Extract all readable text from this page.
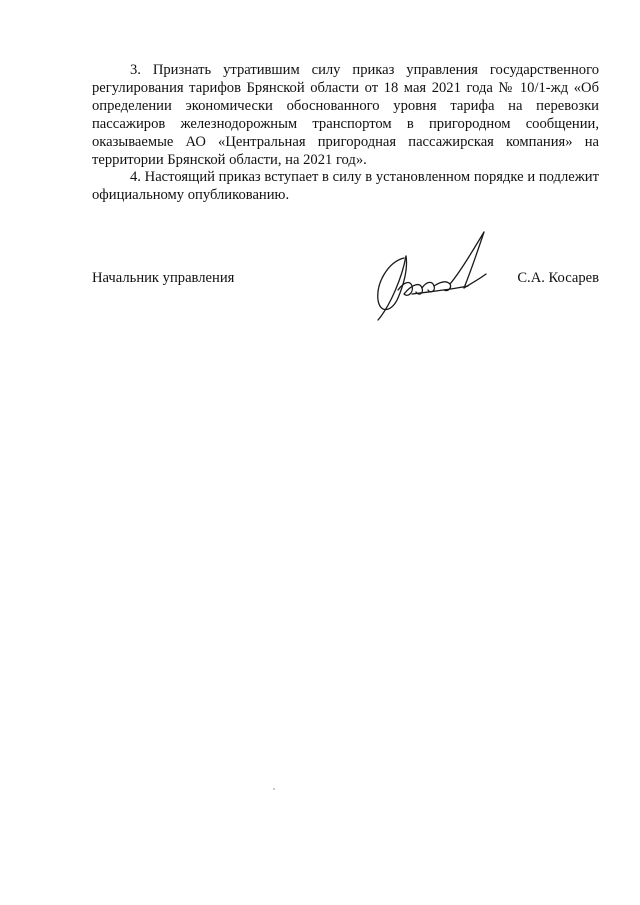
3. Признать утратившим силу приказ управления государственного регулирования тарифов Брянской области от 18 мая 2021 года № 10/1-жд «Об определении экономически обоснованного уровня тарифа на перевозки пассажиров железнодорожным транспортом в пригородном сообщении, оказываемые АО «Центральная пригородная пассажирская компания» на территории Брянской области, на 2021 год».

4. Настоящий приказ вступает в силу в установленном порядке и подлежит официальному опубликованию.

Начальник управления	С.А. Косарев
